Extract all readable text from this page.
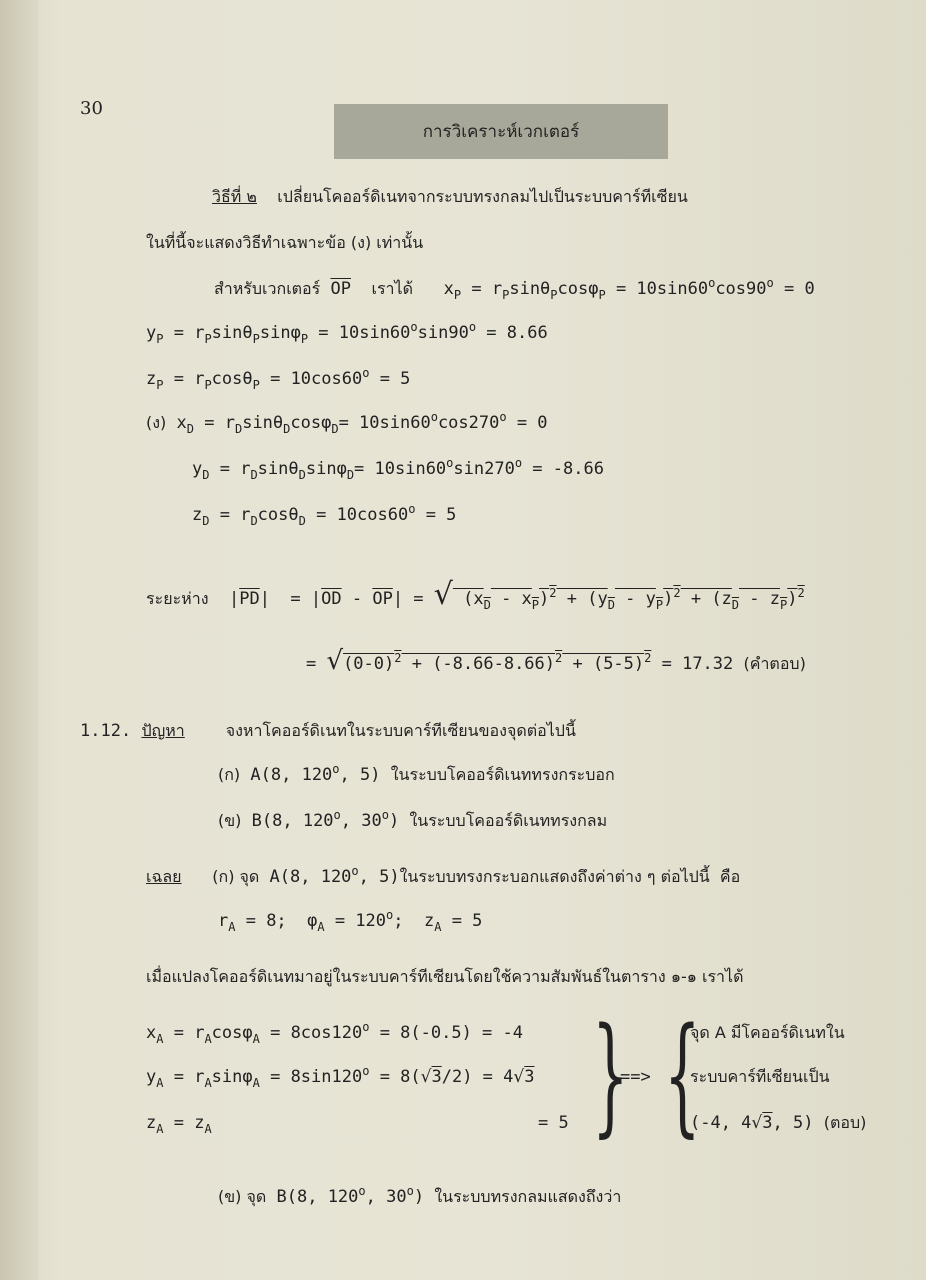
30
การวิเคราะห์เวกเตอร์
วิธีที่ ๒ เปลี่ยนโคออร์ดิเนทจากระบบทรงกลมไปเป็นระบบคาร์ทีเซียน
ในที่นี้จะแสดงวิธีทำเฉพาะข้อ (ง) เท่านั้น
สำหรับเวกเตอร์ $\overline{OP}$ เราได้ $x_P = r_P\sin\theta_P\cos\varphi_P = 10\sin 60^o\cos 90^o = 0$
$y_P = r_P\sin\theta_P\sin\varphi_P = 10\sin 60^o\sin 90^o = 8.66$
$z_P = r_P\cos\theta_P = 10\cos 60^o = 5$
(ง) $x_D = r_D\sin\theta_D\cos\varphi_D= 10\sin 60^o\cos 270^o = 0$
$y_D = r_D\sin\theta_D\sin\varphi_D= 10\sin 60^o\sin 270^o = -8.66$
$z_D = r_D\cos\theta_D = 10\cos 60^o = 5$
ระยะห่าง  $|\overline{PD}| = |\overline{OD} - \overline{OP}|$ = √ $(x_D - x_P)^2 + (y_D - y_P)^2 + (z_D - z_P)^2$
= $√(0-0)^2 + (-8.66-8.66)^2 + (5-5)^2 = 17.32$ (คำตอบ)
1.12. ปัญหา	จงหาโคออร์ดิเนทในระบบคาร์ทีเซียนของจุดต่อไปนี้
(ก) A(8, 120$^o$, 5) ในระบบโคออร์ดิเนททรงกระบอก
(ข) B(8, 120$^o$, 30$^o$) ในระบบโคออร์ดิเนททรงกลม
เฉลย (ก) จุด A(8, 120$^o$, 5)ในระบบทรงกระบอกแสดงถึงค่าต่าง ๆ ต่อไปนี้  คือ
$r_A = 8$;  $\varphi_A = 120^o$;  $z_A = 5$
เมื่อแปลงโคออร์ดิเนทมาอยู่ในระบบคาร์ทีเซียนโดยใช้ความสัมพันธ์ในตาราง ๑-๑ เราได้
$x_A = r_A\cos\varphi_A = 8\cos 120^o = 8(-0.5) = -4$
$y_A = r_A\sin\varphi_A = 8\sin 120^o = 8(√3/2) = 4√3$
$z_A = z_A$	= 5 }
==> {
จุด A มีโคออร์ดิเนทใน
ระบบคาร์ทีเซียนเป็น
(-4, 4√3, 5) (ตอบ)
(ข) จุด B(8, 120$^o$, 30$^o$) ในระบบทรงกลมแสดงถึงว่า
